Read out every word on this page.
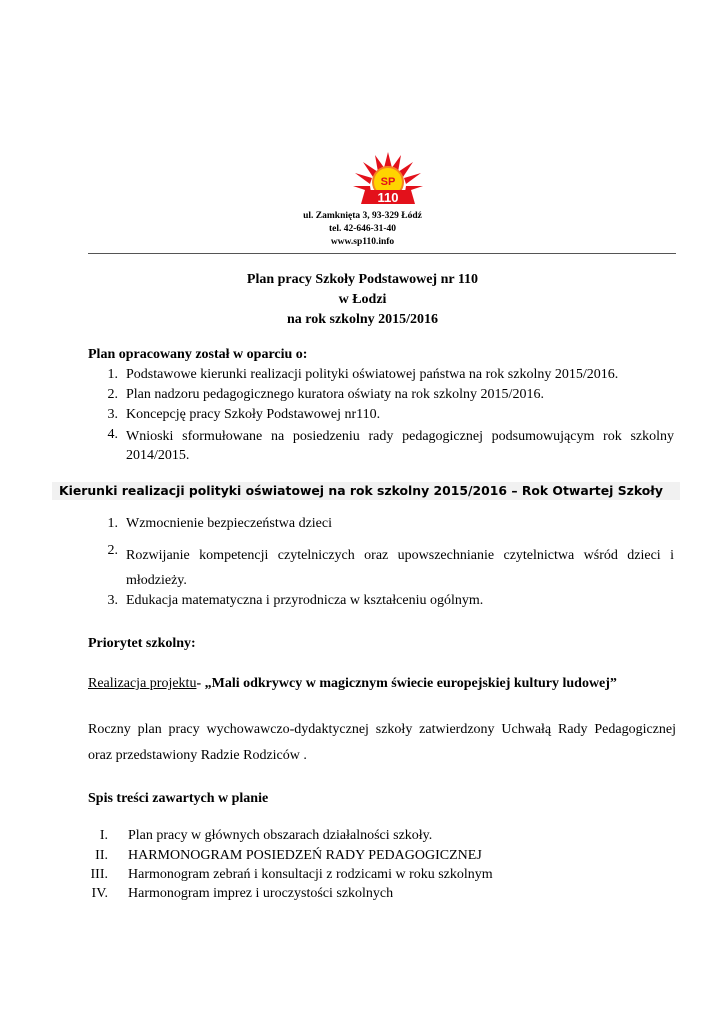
SP
110
ul. Zamknięta 3, 93-329 Łódź
tel. 42-646-31-40
www.sp110.info
Plan pracy Szkoły Podstawowej nr 110
w Łodzi
na rok szkolny 2015/2016
Plan opracowany został w oparciu o:
1. Podstawowe kierunki realizacji polityki oświatowej państwa na rok szkolny 2015/2016.
2. Plan nadzoru pedagogicznego kuratora oświaty na rok szkolny 2015/2016.
3. Koncepcję pracy Szkoły Podstawowej nr110.
4. Wnioski sformułowane na posiedzeniu rady pedagogicznej podsumowującym rok szkolny 2014/2015.
Kierunki realizacji polityki oświatowej na rok szkolny 2015/2016 – Rok Otwartej Szkoły
1. Wzmocnienie bezpieczeństwa dzieci
2. Rozwijanie kompetencji czytelniczych oraz upowszechnianie czytelnictwa wśród dzieci i młodzieży.
3. Edukacja matematyczna i przyrodnicza w kształceniu ogólnym.
Priorytet szkolny:
Realizacja projektu- „Mali odkrywcy w magicznym świecie europejskiej kultury ludowej”
Roczny plan pracy wychowawczo-dydaktycznej szkoły zatwierdzony Uchwałą Rady Pedagogicznej oraz przedstawiony Radzie Rodziców .
Spis treści zawartych w planie
I. Plan pracy w głównych obszarach działalności szkoły.
II. HARMONOGRAM POSIEDZEŃ RADY PEDAGOGICZNEJ
III. Harmonogram zebrań i konsultacji z rodzicami w roku szkolnym
IV. Harmonogram imprez i uroczystości szkolnych
